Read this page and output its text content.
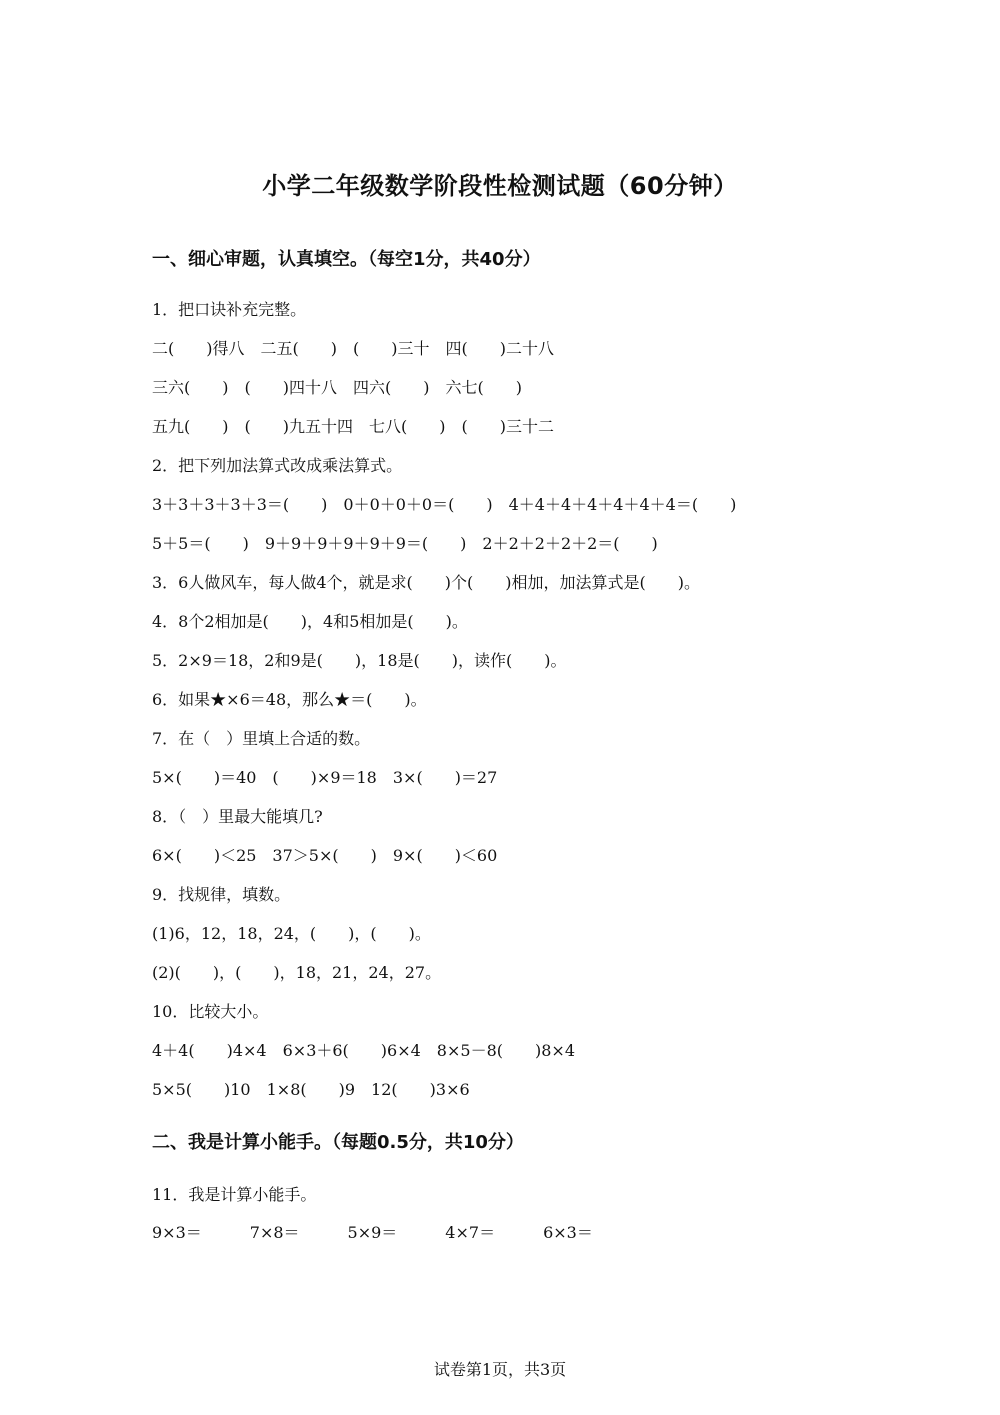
小学二年级数学阶段性检测试题（60分钟）
一、细心审题，认真填空。（每空1分，共40分）
1．把口诀补充完整。
二(　　)得八　二五(　　)　(　　)三十　四(　　)二十八
三六(　　)　(　　)四十八　四六(　　)　六七(　　)
五九(　　)　(　　)九五十四　七八(　　)　(　　)三十二
2．把下列加法算式改成乘法算式。
3＋3＋3＋3＋3＝(　　)　0＋0＋0＋0＝(　　)　4＋4＋4＋4＋4＋4＋4＝(　　)
5＋5＝(　　)　9＋9＋9＋9＋9＋9＝(　　)　2＋2＋2＋2＋2＝(　　)
3．6人做风车，每人做4个，就是求(　　)个(　　)相加，加法算式是(　　)。
4．8个2相加是(　　)，4和5相加是(　　)。
5．2×9＝18，2和9是(　　)，18是(　　)，读作(　　)。
6．如果★×6＝48，那么★＝(　　)。
7．在（　）里填上合适的数。
5×(　　)＝40　(　　)×9＝18　3×(　　)＝27
8．（　）里最大能填几?
6×(　　)＜25　37＞5×(　　)　9×(　　)＜60
9．找规律，填数。
(1)6，12，18，24，(　　)，(　　)。
(2)(　　)，(　　)，18，21，24，27。
10．比较大小。
4＋4(　　)4×4　6×3＋6(　　)6×4　8×5－8(　　)8×4
5×5(　　)10　1×8(　　)9　12(　　)3×6
二、我是计算小能手。（每题0.5分，共10分）
11．我是计算小能手。
9×3＝　　　7×8＝　　　5×9＝　　　4×7＝　　　6×3＝
试卷第1页，共3页
